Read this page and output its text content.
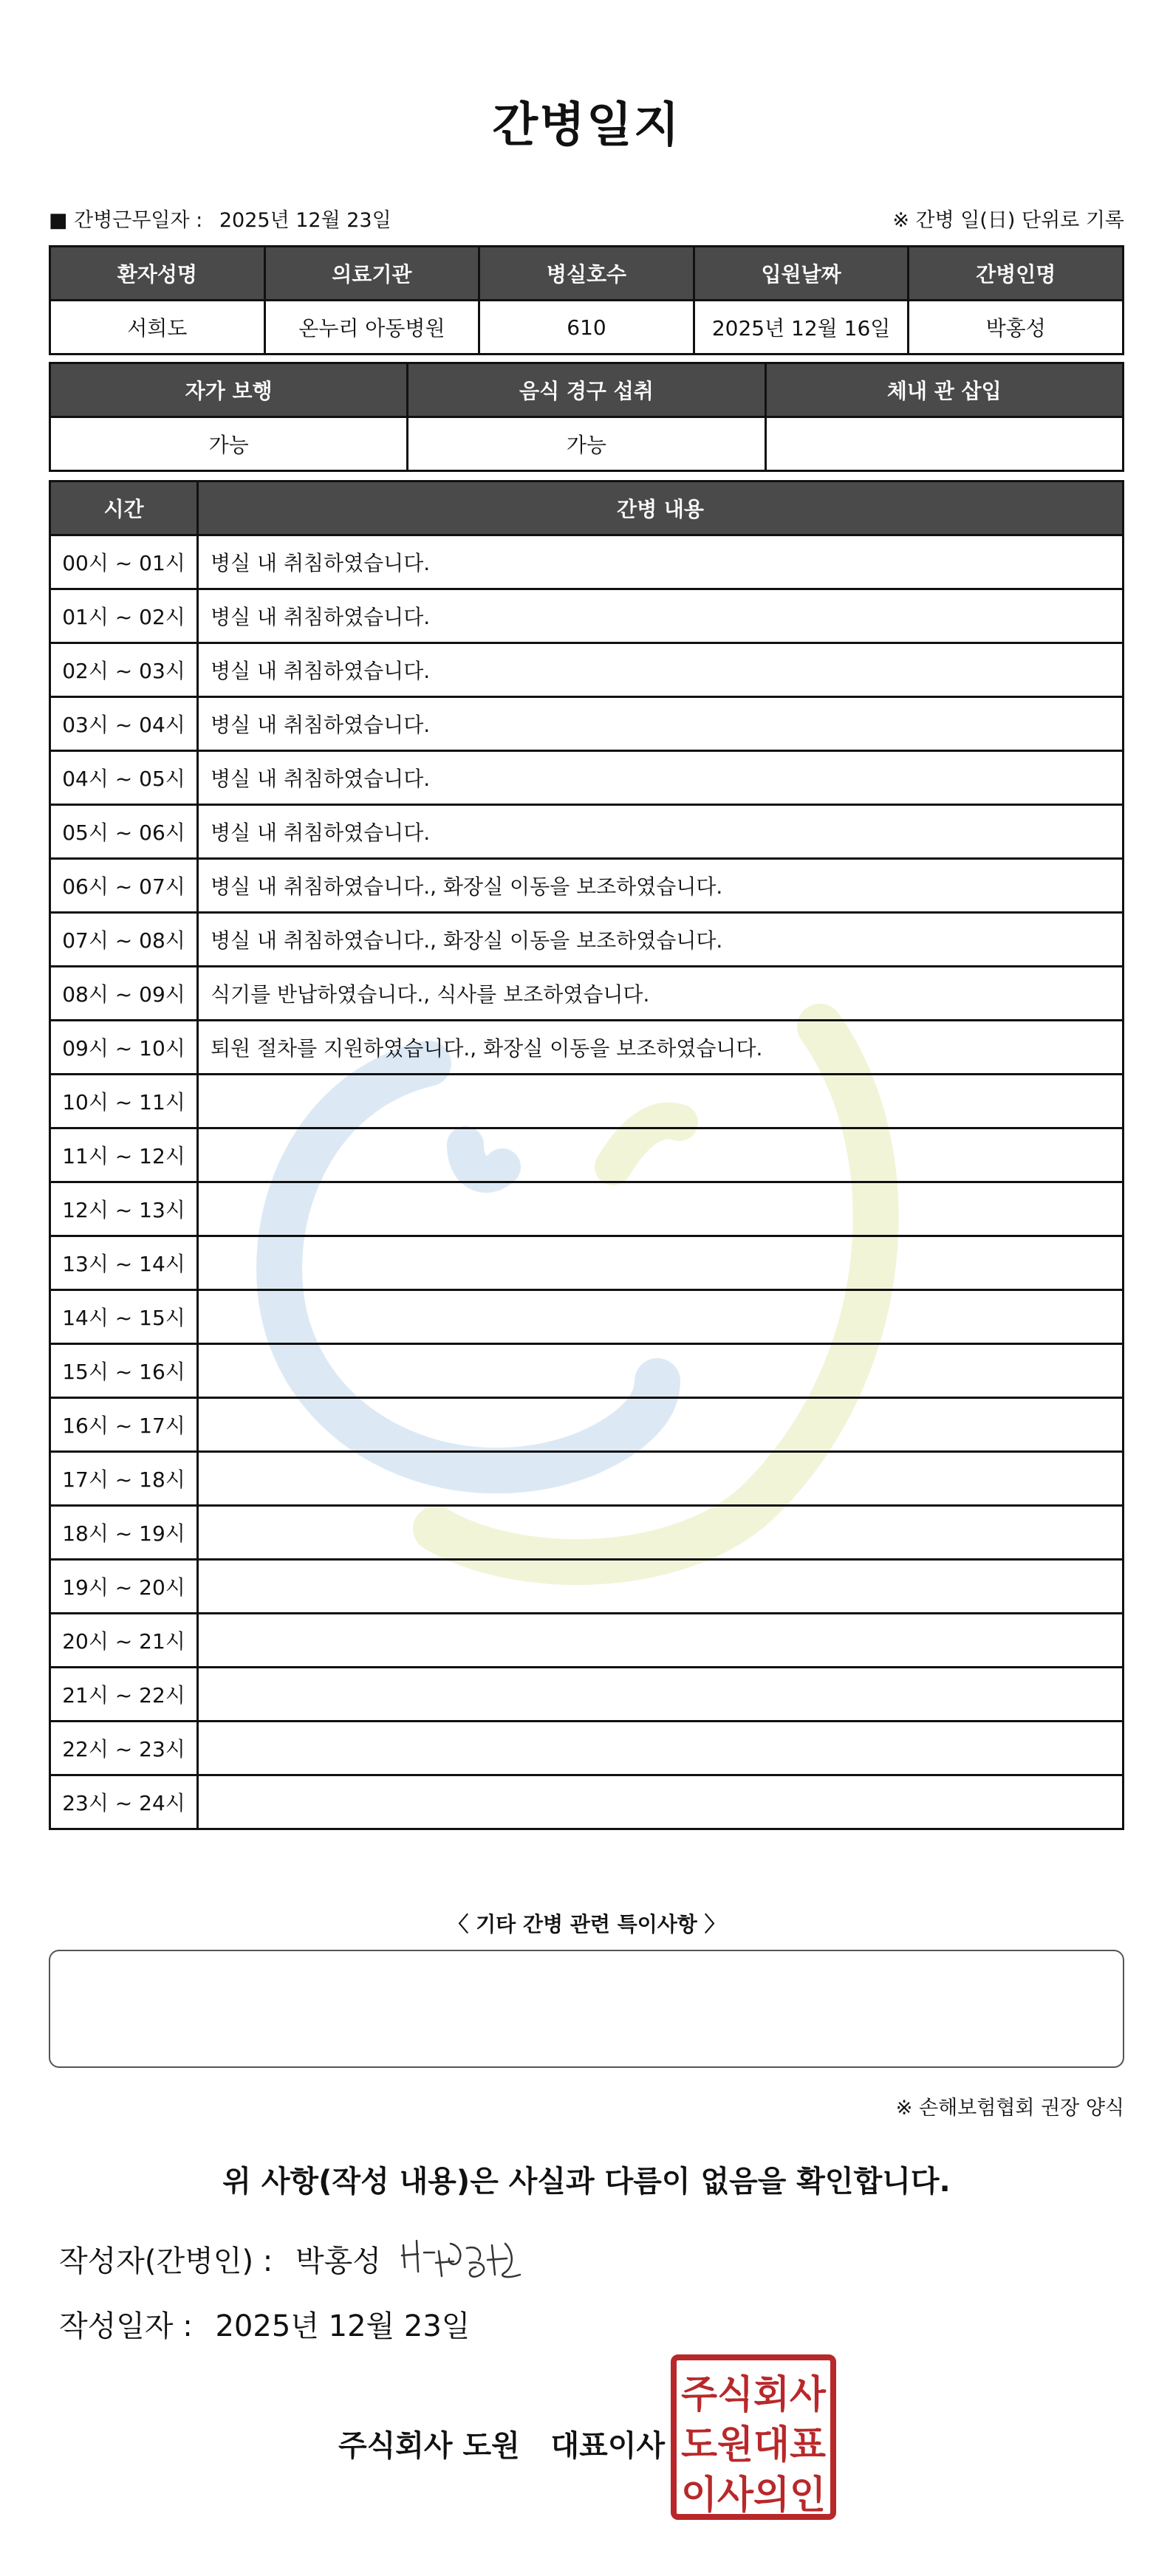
간병일지
■ 간병근무일자 : 2025년 12월 23일	※ 간병 일(日) 단위로 기록
환자성명	의료기관	병실호수	입원날짜	간병인명
서희도	온누리 아동병원	610	2025년 12월 16일	박홍성
자가 보행	음식 경구 섭취	체내 관 삽입
가능	가능	
시간	간병 내용
00시 ~ 01시	병실 내 취침하였습니다.
01시 ~ 02시	병실 내 취침하였습니다.
02시 ~ 03시	병실 내 취침하였습니다.
03시 ~ 04시	병실 내 취침하였습니다.
04시 ~ 05시	병실 내 취침하였습니다.
05시 ~ 06시	병실 내 취침하였습니다.
06시 ~ 07시	병실 내 취침하였습니다., 화장실 이동을 보조하였습니다.
07시 ~ 08시	병실 내 취침하였습니다., 화장실 이동을 보조하였습니다.
08시 ~ 09시	식기를 반납하였습니다., 식사를 보조하였습니다.
09시 ~ 10시	퇴원 절차를 지원하였습니다., 화장실 이동을 보조하였습니다.
10시 ~ 11시	
11시 ~ 12시	
12시 ~ 13시	
13시 ~ 14시	
14시 ~ 15시	
15시 ~ 16시	
16시 ~ 17시	
17시 ~ 18시	
18시 ~ 19시	
19시 ~ 20시	
20시 ~ 21시	
21시 ~ 22시	
22시 ~ 23시	
23시 ~ 24시	
〈 기타 간병 관련 특이사항 〉
※ 손해보험협회 권장 양식
위 사항(작성 내용)은 사실과 다름이 없음을 확인합니다.
작성자(간병인) : 박홍성
작성일자 : 2025년 12월 23일
주식회사 도원   대표이사
주식회사
도원대표
이사의인
